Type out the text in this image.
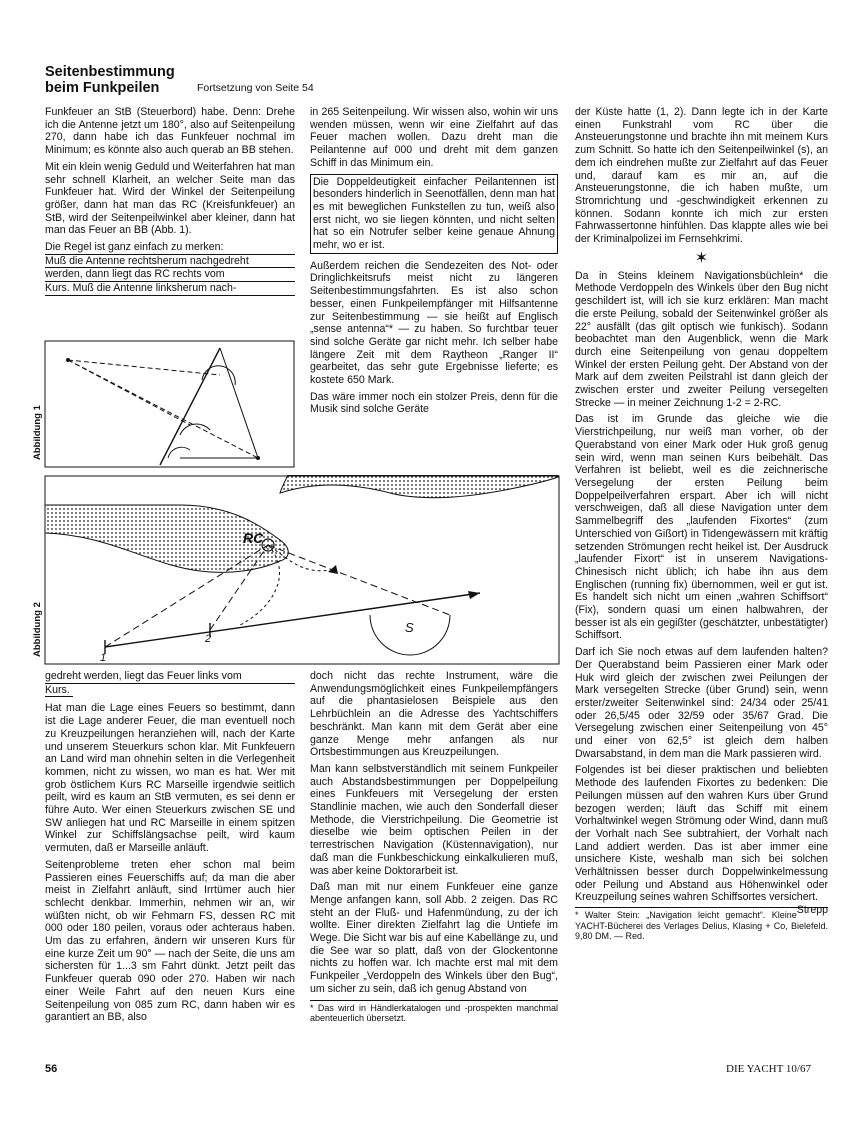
Seitenbestimmung
beim Funkpeilen	Fortsetzung von Seite 54

Funkfeuer an StB (Steuerbord) habe. Denn: Drehe ich die Antenne jetzt um 180°, also auf Seitenpeilung 270, dann habe ich das Funkfeuer nochmal im Minimum; es könnte also auch querab an BB stehen.

Mit ein klein wenig Geduld und Weiterfahren hat man sehr schnell Klarheit, an welcher Seite man das Funkfeuer hat. Wird der Winkel der Seitenpeilung größer, dann hat man das RC (Kreisfunkfeuer) an StB, wird der Seitenpeilwinkel aber kleiner, dann hat man das Feuer an BB (Abb. 1).

Die Regel ist ganz einfach zu merken:
Muß die Antenne rechtsherum nachgedreht
werden, dann liegt das RC rechts vom
Kurs. Muß die Antenne linksherum nach-

in 265 Seitenpeilung. Wir wissen also, wohin wir uns wenden müssen, wenn wir eine Zielfahrt auf das Feuer machen wollen. Dazu dreht man die Peilantenne auf 000 und dreht mit dem ganzen Schiff in das Minimum ein.

Die Doppeldeutigkeit einfacher Peilantennen ist besonders hinderlich in Seenotfällen, denn man hat es mit beweglichen Funkstellen zu tun, weiß also erst nicht, wo sie liegen könnten, und nicht selten hat so ein Notrufer selber keine genaue Ahnung mehr, wo er ist.

Außerdem reichen die Sendezeiten des Not- oder Dringlichkeitsrufs meist nicht zu längeren Seitenbestimmungsfahrten. Es ist also schon besser, einen Funkpeilempfänger mit Hilfsantenne zur Seitenbestimmung — sie heißt auf Englisch „sense antenna“* — zu haben. So furchtbar teuer sind solche Geräte gar nicht mehr. Ich selber habe längere Zeit mit dem Raytheon „Ranger II“ gearbeitet, das sehr gute Ergebnisse lieferte; es kostete 650 Mark.

Das wäre immer noch ein stolzer Preis, denn für die Musik sind solche Geräte

der Küste hatte (1, 2). Dann legte ich in der Karte einen Funkstrahl vom RC über die Ansteuerungstonne und brachte ihn mit meinem Kurs zum Schnitt. So hatte ich den Seitenpeilwinkel (s), an dem ich eindrehen mußte zur Zielfahrt auf das Feuer und, darauf kam es mir an, auf die Ansteuerungstonne, die ich haben mußte, um Stromrichtung und -geschwindigkeit erkennen zu können. Sodann konnte ich mich zur ersten Fahrwassertonne hinfühlen. Das klappte alles wie bei der Kriminalpolizei im Fernsehkrimi.

✶

Da in Steins kleinem Navigationsbüchlein* die Methode Verdoppeln des Winkels über den Bug nicht geschildert ist, will ich sie kurz erklären: Man macht die erste Peilung, sobald der Seitenwinkel größer als 22° ausfällt (das gilt optisch wie funkisch). Sodann beobachtet man den Augenblick, wenn die Mark durch eine Seitenpeilung von genau doppeltem Winkel der ersten Peilung geht. Der Abstand von der Mark auf dem zweiten Peilstrahl ist dann gleich der zwischen erster und zweiter Peilung versegelten Strecke — in meiner Zeichnung 1-2 = 2-RC.

Das ist im Grunde das gleiche wie die Vierstrichpeilung, nur weiß man vorher, ob der Querabstand von einer Mark oder Huk groß genug sein wird, wenn man seinen Kurs beibehält. Das Verfahren ist beliebt, weil es die zeichnerische Versegelung der ersten Peilung beim Doppelpeilverfahren erspart. Aber ich will nicht verschweigen, daß all diese Navigation unter dem Sammelbegriff des „laufenden Fixortes“ (zum Unterschied von Gißort) in Tidengewässern mit kräftig setzenden Strömungen recht heikel ist. Der Ausdruck „laufender Fixort“ ist in unserem Navigations-Chinesisch nicht üblich; ich habe ihn aus dem Englischen (running fix) übernommen, weil er gut ist. Es handelt sich nicht um einen „wahren Schiffsort“ (Fix), sondern quasi um einen halbwahren, der besser ist als ein gegißter (geschätzter, unbestätigter) Schiffsort.

Darf ich Sie noch etwas auf dem laufenden halten? Der Querabstand beim Passieren einer Mark oder Huk wird gleich der zwischen zwei Peilungen der Mark versegelten Strecke (über Grund) sein, wenn erster/zweiter Seitenwinkel sind: 24/34 oder 25/41 oder 26,5/45 oder 32/59 oder 35/67 Grad. Die Versegelung zwischen einer Seitenpeilung von 45° und einer von 62,5° ist gleich dem halben Dwarsabstand, in dem man die Mark passieren wird.

Folgendes ist bei dieser praktischen und beliebten Methode des laufenden Fixortes zu bedenken: Die Peilungen müssen auf den wahren Kurs über Grund bezogen werden; läuft das Schiff mit einem Vorhaltwinkel wegen Strömung oder Wind, dann muß der Vorhalt nach See subtrahiert, der Vorhalt nach Land addiert werden. Das ist aber immer eine unsichere Kiste, weshalb man sich bei solchen Verhältnissen besser durch Doppelwinkelmessung oder Peilung und Abstand aus Höhenwinkel oder Kreuzpeilung seines wahren Schiffsortes versichert.
Strepp

* Walter Stein: „Navigation leicht gemacht“. Kleine YACHT-Bücherei des Verlages Delius, Klasing + Co, Bielefeld. 9,80 DM. — Red.
Abbildung 1
RC
1
2
S
Abbildung 2

gedreht werden, liegt das Feuer links vom
Kurs.

Hat man die Lage eines Feuers so bestimmt, dann ist die Lage anderer Feuer, die man eventuell noch zu Kreuzpeilungen heranziehen will, nach der Karte und unserem Steuerkurs schon klar. Mit Funkfeuern an Land wird man ohnehin selten in die Verlegenheit kommen, nicht zu wissen, wo man es hat. Wer mit grob östlichem Kurs RC Marseille irgendwie seitlich peilt, wird es kaum an StB vermuten, es sei denn er führe Auto. Wer einen Steuerkurs zwischen SE und SW anliegen hat und RC Marseille in einem spitzen Winkel zur Schiffslängsachse peilt, wird kaum vermuten, daß er Marseille anläuft.

Seitenprobleme treten eher schon mal beim Passieren eines Feuerschiffs auf; da man die aber meist in Zielfahrt anläuft, sind Irrtümer auch hier schlecht denkbar. Immerhin, nehmen wir an, wir wüßten nicht, ob wir Fehmarn FS, dessen RC mit 000 oder 180 peilen, voraus oder achteraus haben. Um das zu erfahren, ändern wir unseren Kurs für eine kurze Zeit um 90° — nach der Seite, die uns am sichersten für 1...3 sm Fahrt dünkt. Jetzt peilt das Funkfeuer querab 090 oder 270. Haben wir nach einer Weile Fahrt auf den neuen Kurs eine Seitenpeilung von 085 zum RC, dann haben wir es garantiert an BB, also

doch nicht das rechte Instrument, wäre die Anwendungsmöglichkeit eines Funkpeilempfängers auf die phantasielosen Beispiele aus den Lehrbüchlein an die Adresse des Yachtschiffers beschränkt. Man kann mit dem Gerät aber eine ganze Menge mehr anfangen als nur Ortsbestimmungen aus Kreuzpeilungen.

Man kann selbstverständlich mit seinem Funkpeiler auch Abstandsbestimmungen per Doppelpeilung eines Funkfeuers mit Versegelung der ersten Standlinie machen, wie auch den Sonderfall dieser Methode, die Vierstrichpeilung. Die Geometrie ist dieselbe wie beim optischen Peilen in der terrestrischen Navigation (Küstennavigation), nur daß man die Funkbeschickung einkalkulieren muß, was aber keine Doktorarbeit ist.

Daß man mit nur einem Funkfeuer eine ganze Menge anfangen kann, soll Abb. 2 zeigen. Das RC steht an der Fluß- und Hafenmündung, zu der ich wollte. Einer direkten Zielfahrt lag die Untiefe im Wege. Die Sicht war bis auf eine Kabellänge zu, und die See war so platt, daß von der Glockentonne nichts zu hoffen war. Ich machte erst mal mit dem Funkpeiler „Verdoppeln des Winkels über den Bug“, um sicher zu sein, daß ich genug Abstand von

* Das wird in Händlerkatalogen und -prospekten manchmal abenteuerlich übersetzt.
56	DIE YACHT 10/67
